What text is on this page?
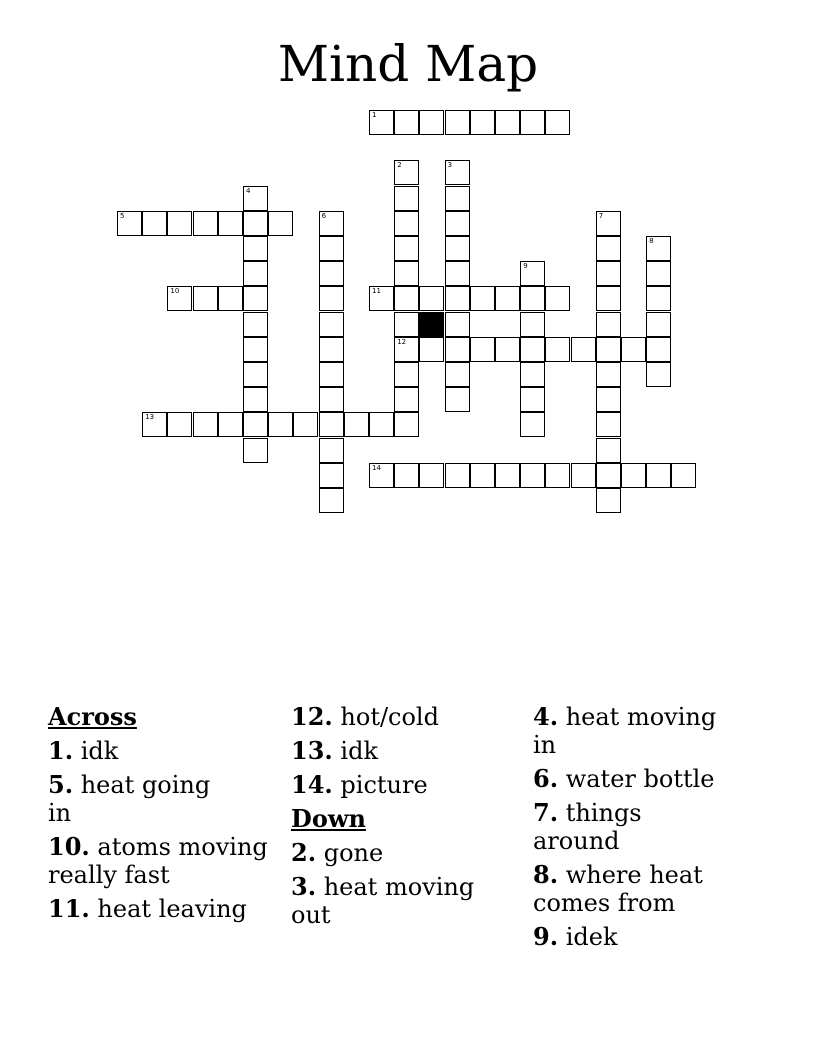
Mind Map
1
2
12
3
4
5	6	7
8
9
10	11
13
14
Across
1. idk
5. heat going in
10. atoms moving really fast
11. heat leaving
12. hot/cold
13. idk
14. picture
Down
2. gone
3. heat moving out
4. heat moving in
6. water bottle
7. things around
8. where heat comes from
9. idek
